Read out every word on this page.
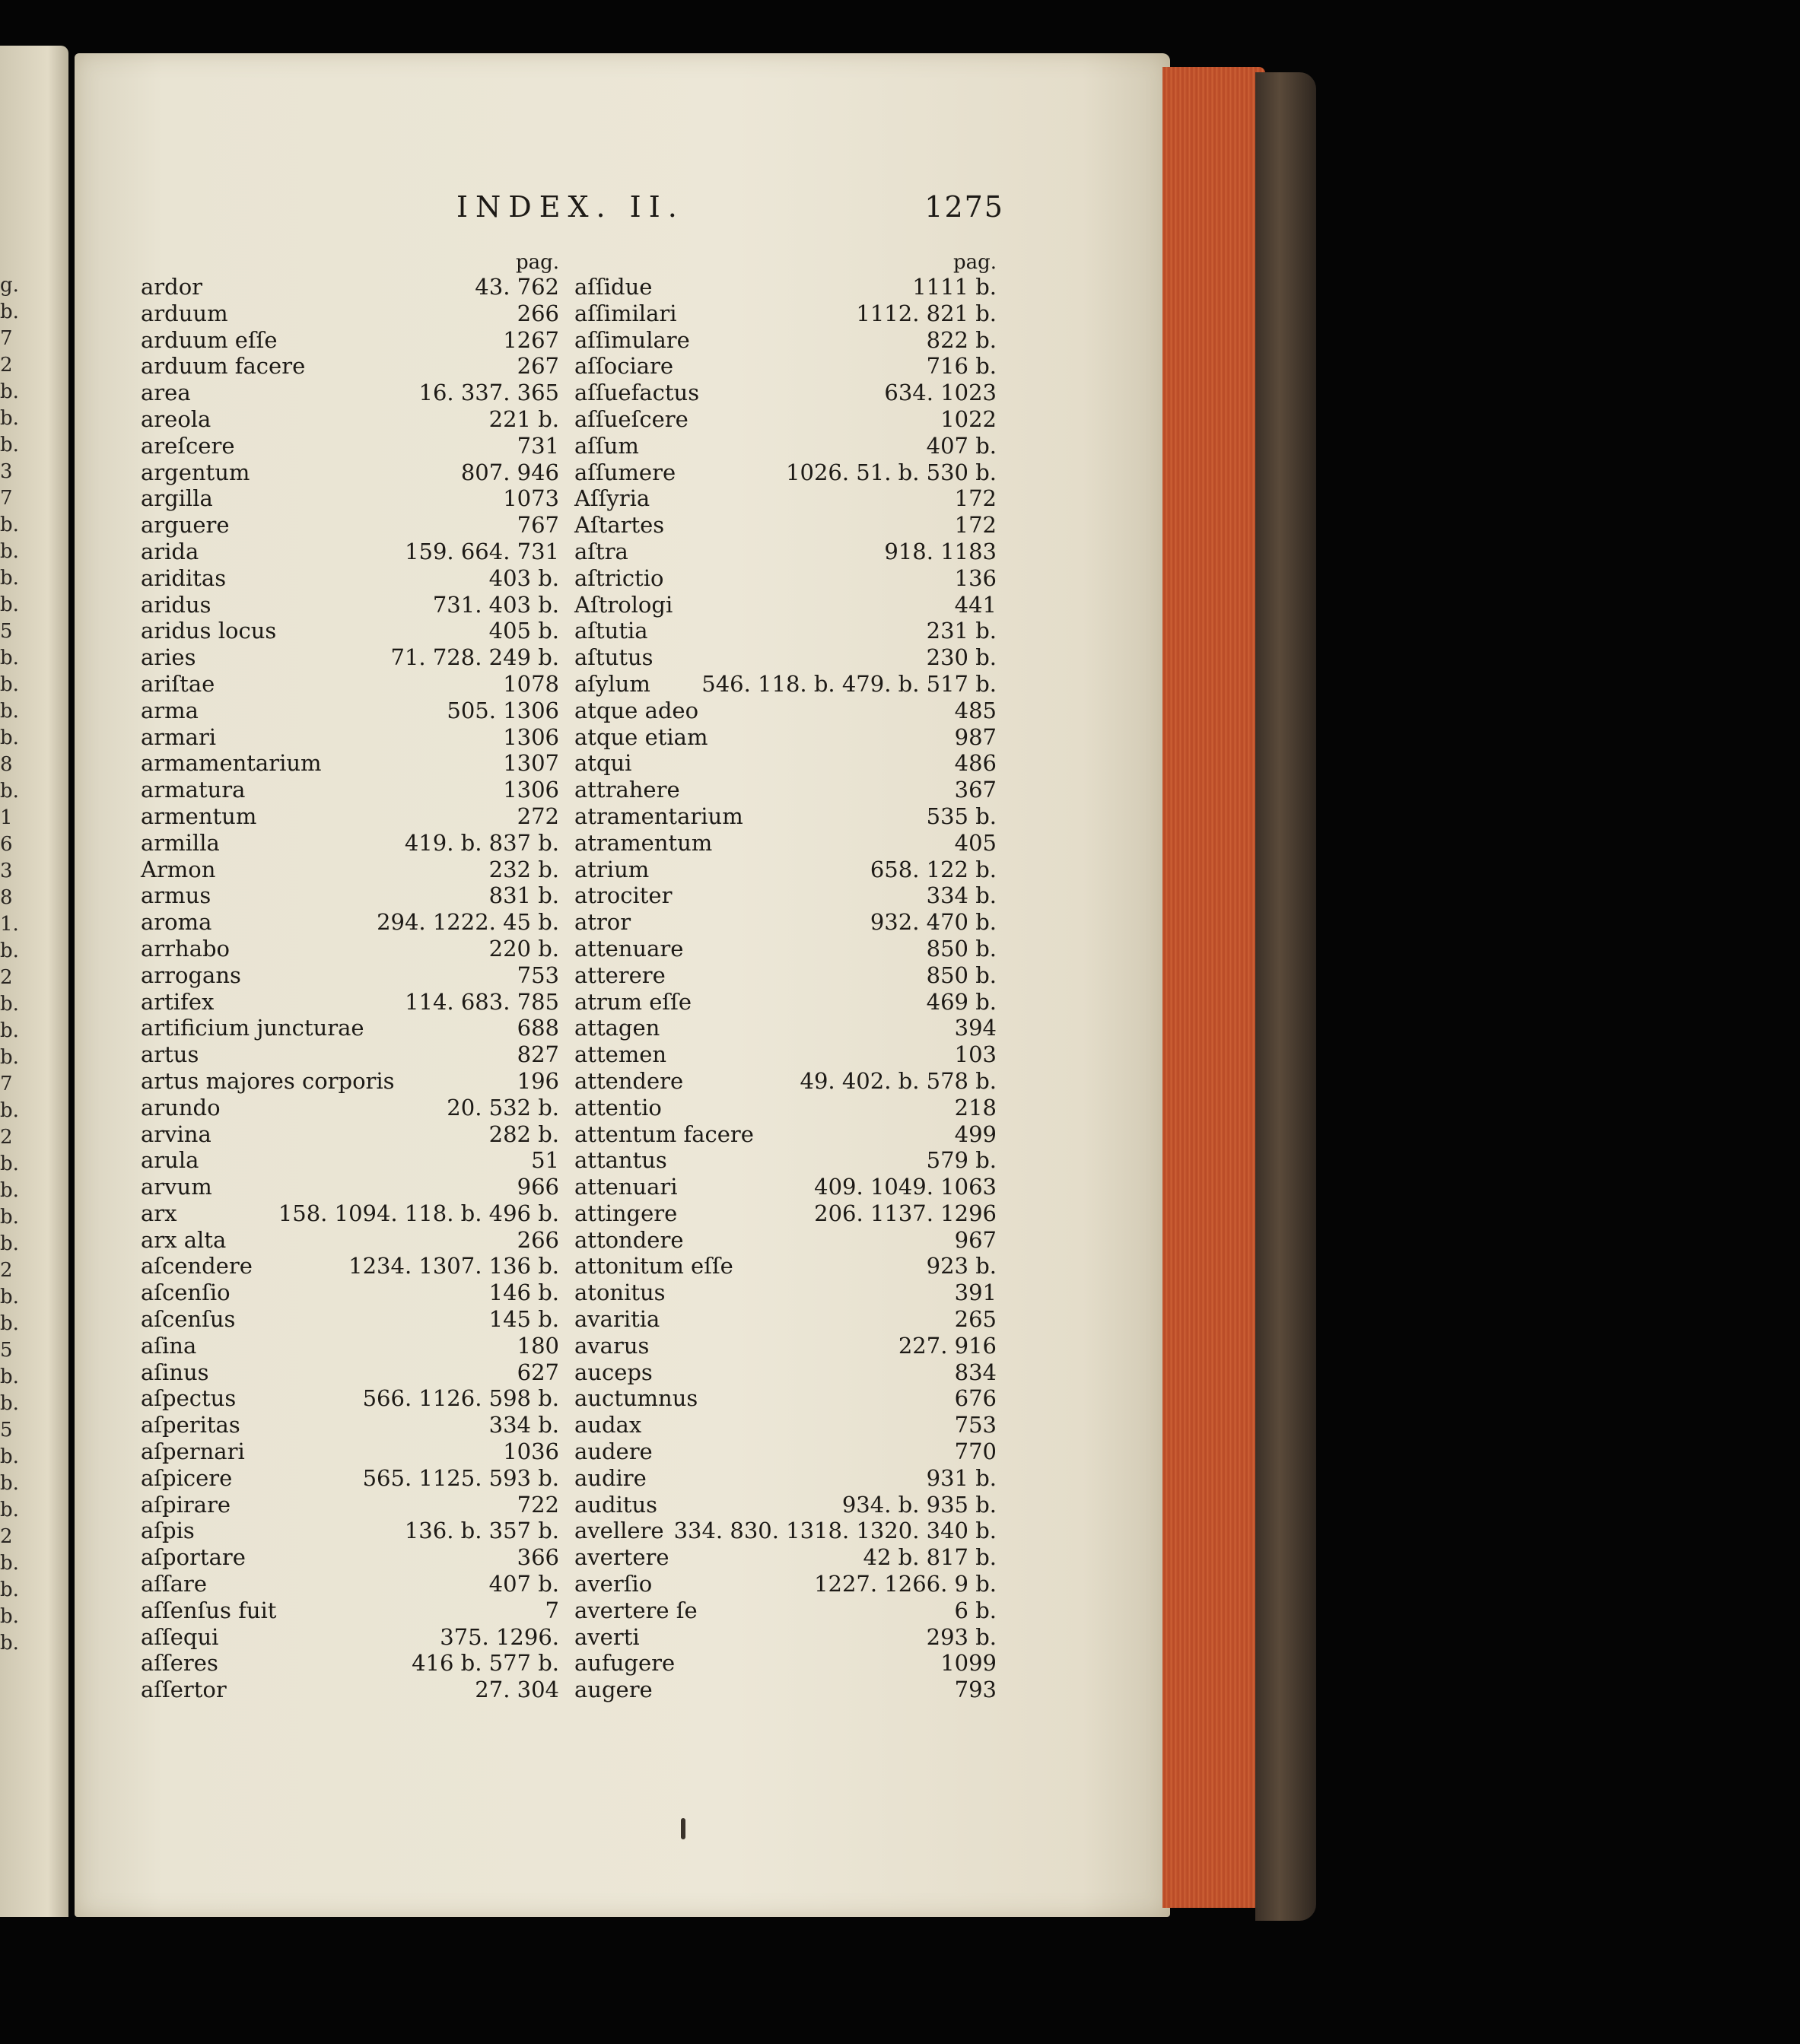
g.
b.
7
2
b.
b.
b.
3
7
b.
b.
b.
b.
5
b.
b.
b.
b.
8
b.
1
6
3
8
1.
b.
2
b.
b.
b.
7
b.
2
b.
b.
b.
b.
2
b.
b.
5
b.
b.
5
b.
b.
b.
2
b.
b.
b.
b.
INDEX. II.	1275
pag.
ardor	43. 762
arduum	266
arduum eſſe	1267
arduum facere	267
area	16. 337. 365
areola	221 b.
areſcere	731
argentum	807. 946
argilla	1073
arguere	767
arida	159. 664. 731
ariditas	403 b.
aridus	731. 403 b.
aridus locus	405 b.
aries	71. 728. 249 b.
ariſtae	1078
arma	505. 1306
armari	1306
armamentarium	1307
armatura	1306
armentum	272
armilla	419. b. 837 b.
Armon	232 b.
armus	831 b.
aroma	294. 1222. 45 b.
arrhabo	220 b.
arrogans	753
artifex	114. 683. 785
artificium juncturae	688
artus	827
artus majores corporis	196
arundo	20. 532 b.
arvina	282 b.
arula	51
arvum	966
arx	158. 1094. 118. b. 496 b.
arx alta	266
aſcendere	1234. 1307. 136 b.
aſcenſio	146 b.
aſcenſus	145 b.
aſina	180
aſinus	627
aſpectus	566. 1126. 598 b.
aſperitas	334 b.
aſpernari	1036
aſpicere	565. 1125. 593 b.
aſpirare	722
aſpis	136. b. 357 b.
aſportare	366
aſſare	407 b.
aſſenſus fuit	7
aſſequi	375. 1296.
aſſeres	416 b. 577 b.
aſſertor	27. 304
pag.
aſſidue	1111 b.
aſſimilari	1112. 821 b.
aſſimulare	822 b.
aſſociare	716 b.
aſſuefactus	634. 1023
aſſueſcere	1022
aſſum	407 b.
aſſumere	1026. 51. b. 530 b.
Aſſyria	172
Aſtartes	172
aſtra	918. 1183
aſtrictio	136
Aſtrologi	441
aſtutia	231 b.
aſtutus	230 b.
aſylum 546. 118. b. 479. b. 517 b.
atque adeo	485
atque etiam	987
atqui	486
attrahere	367
atramentarium	535 b.
atramentum	405
atrium	658. 122 b.
atrociter	334 b.
atror	932. 470 b.
attenuare	850 b.
atterere	850 b.
atrum eſſe	469 b.
attagen	394
attemen	103
attendere	49. 402. b. 578 b.
attentio	218
attentum facere	499
attantus	579 b.
attenuari	409. 1049. 1063
attingere	206. 1137. 1296
attondere	967
attonitum eſſe	923 b.
atonitus	391
avaritia	265
avarus	227. 916
auceps	834
auctumnus	676
audax	753
audere	770
audire	931 b.
auditus	934. b. 935 b.
avellere 334. 830. 1318. 1320. 340 b.
avertere	42 b. 817 b.
averſio	1227. 1266. 9 b.
avertere ſe	6 b.
averti	293 b.
aufugere	1099
augere	793
